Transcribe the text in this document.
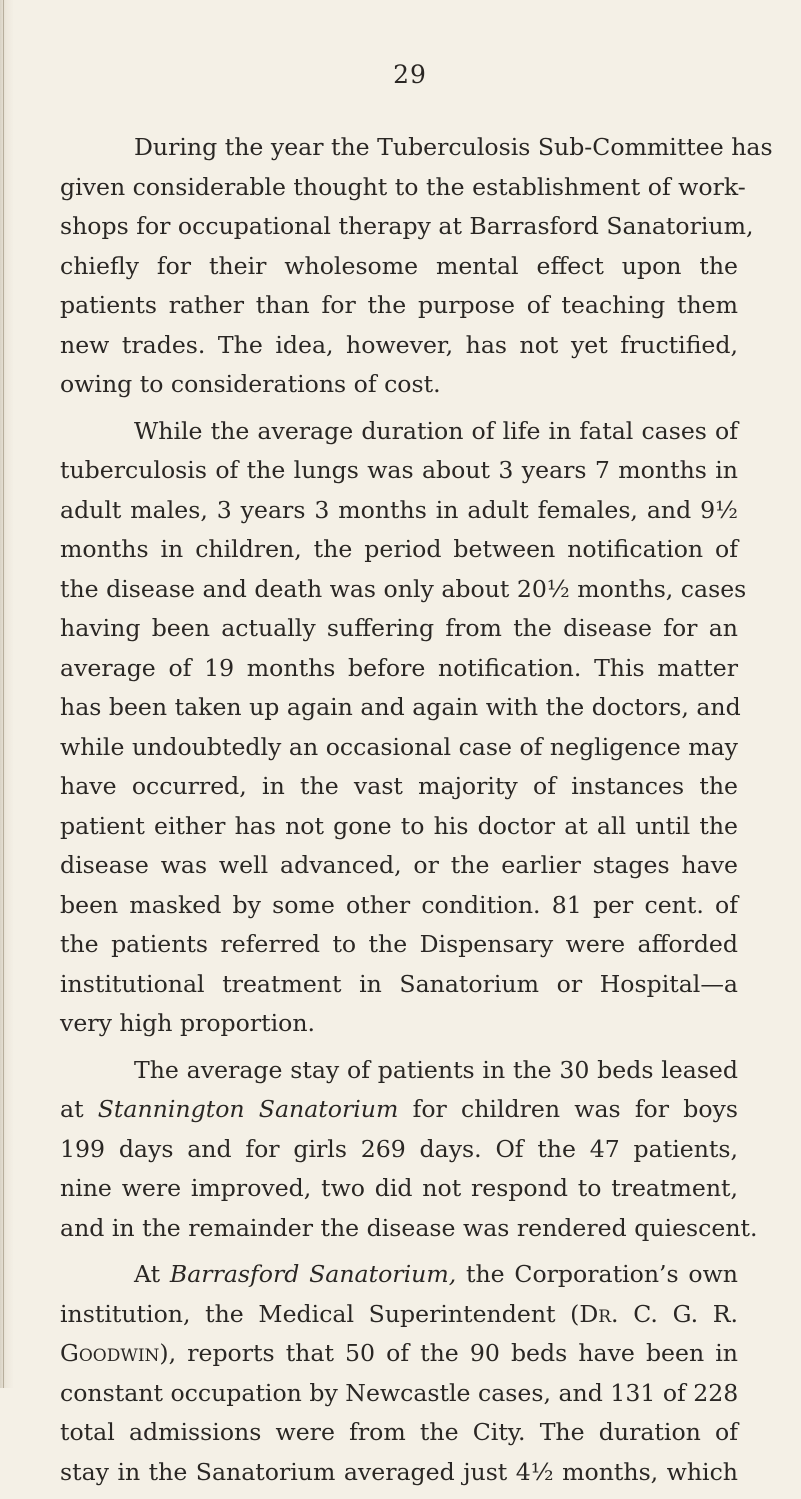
29

During the year the Tuberculosis Sub-Committee has
given considerable thought to the establishment of work-
shops for occupational therapy at Barrasford Sanatorium,
chiefly for their wholesome mental effect upon the
patients rather than for the purpose of teaching them
new trades. The idea, however, has not yet fructified,
owing to considerations of cost.

While the average duration of life in fatal cases of
tuberculosis of the lungs was about 3 years 7 months in
adult males, 3 years 3 months in adult females, and 9½
months in children, the period between notification of
the disease and death was only about 20½ months, cases
having been actually suffering from the disease for an
average of 19 months before notification. This matter
has been taken up again and again with the doctors, and
while undoubtedly an occasional case of negligence may
have occurred, in the vast majority of instances the
patient either has not gone to his doctor at all until the
disease was well advanced, or the earlier stages have
been masked by some other condition. 81 per cent. of
the patients referred to the Dispensary were afforded
institutional treatment in Sanatorium or Hospital—a
very high proportion.

The average stay of patients in the 30 beds leased
at Stannington Sanatorium for children was for boys
199 days and for girls 269 days. Of the 47 patients,
nine were improved, two did not respond to treatment,
and in the remainder the disease was rendered quiescent.

At Barrasford Sanatorium, the Corporation’s own
institution, the Medical Superintendent (Dr. C. G. R.
Goodwin), reports that 50 of the 90 beds have been in
constant occupation by Newcastle cases, and 131 of 228
total admissions were from the City. The duration of
stay in the Sanatorium averaged just 4½ months, which
